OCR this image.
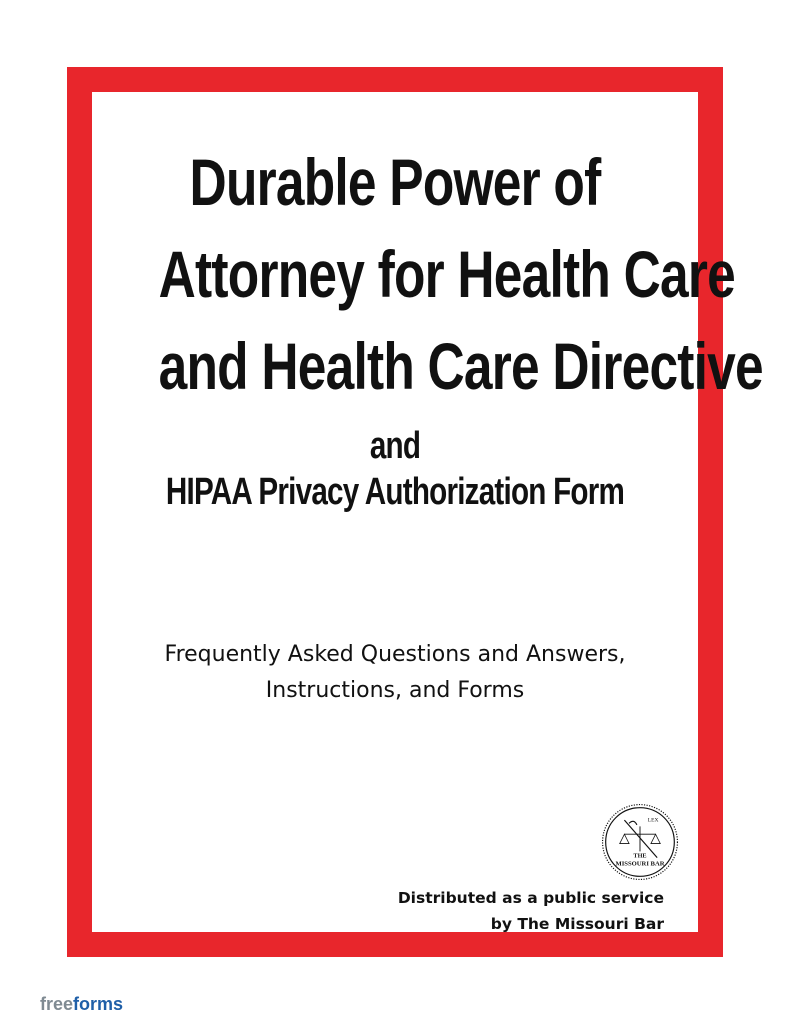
Durable Power of
Attorney for Health Care
and Health Care Directive
and
HIPAA Privacy Authorization Form
Frequently Asked Questions and Answers,
Instructions, and Forms
LEX
THE
MISSOURI BAR
Distributed as a public service
by The Missouri Bar
freeforms
